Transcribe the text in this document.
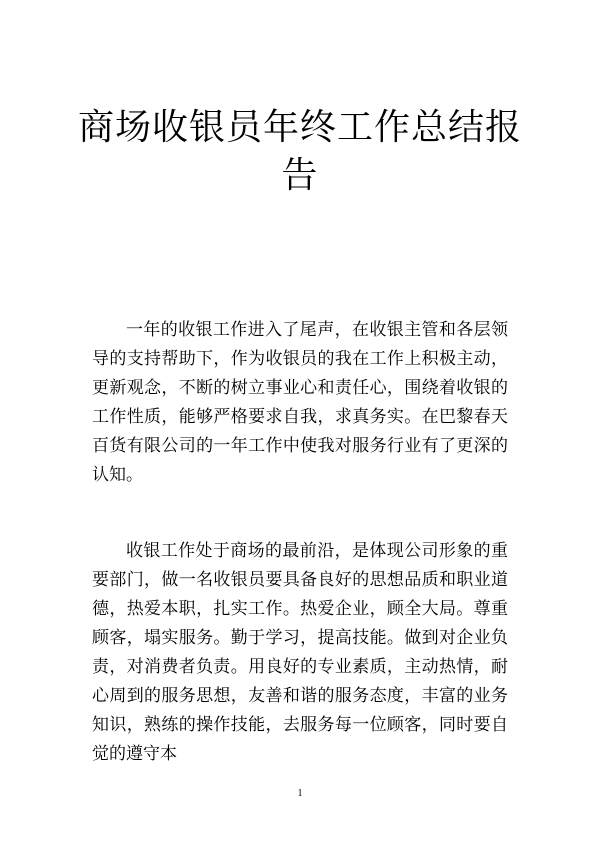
商场收银员年终工作总结报告

一年的收银工作进入了尾声，在收银主管和各层领导的支持帮助下，作为收银员的我在工作上积极主动，更新观念，不断的树立事业心和责任心，围绕着收银的工作性质，能够严格要求自我，求真务实。在巴黎春天百货有限公司的一年工作中使我对服务行业有了更深的认知。

收银工作处于商场的最前沿，是体现公司形象的重要部门，做一名收银员要具备良好的思想品质和职业道德，热爱本职，扎实工作。热爱企业，顾全大局。尊重顾客，塌实服务。勤于学习，提高技能。做到对企业负责，对消费者负责。用良好的专业素质，主动热情，耐心周到的服务思想，友善和谐的服务态度，丰富的业务知识，熟练的操作技能，去服务每一位顾客，同时要自觉的遵守本

1
